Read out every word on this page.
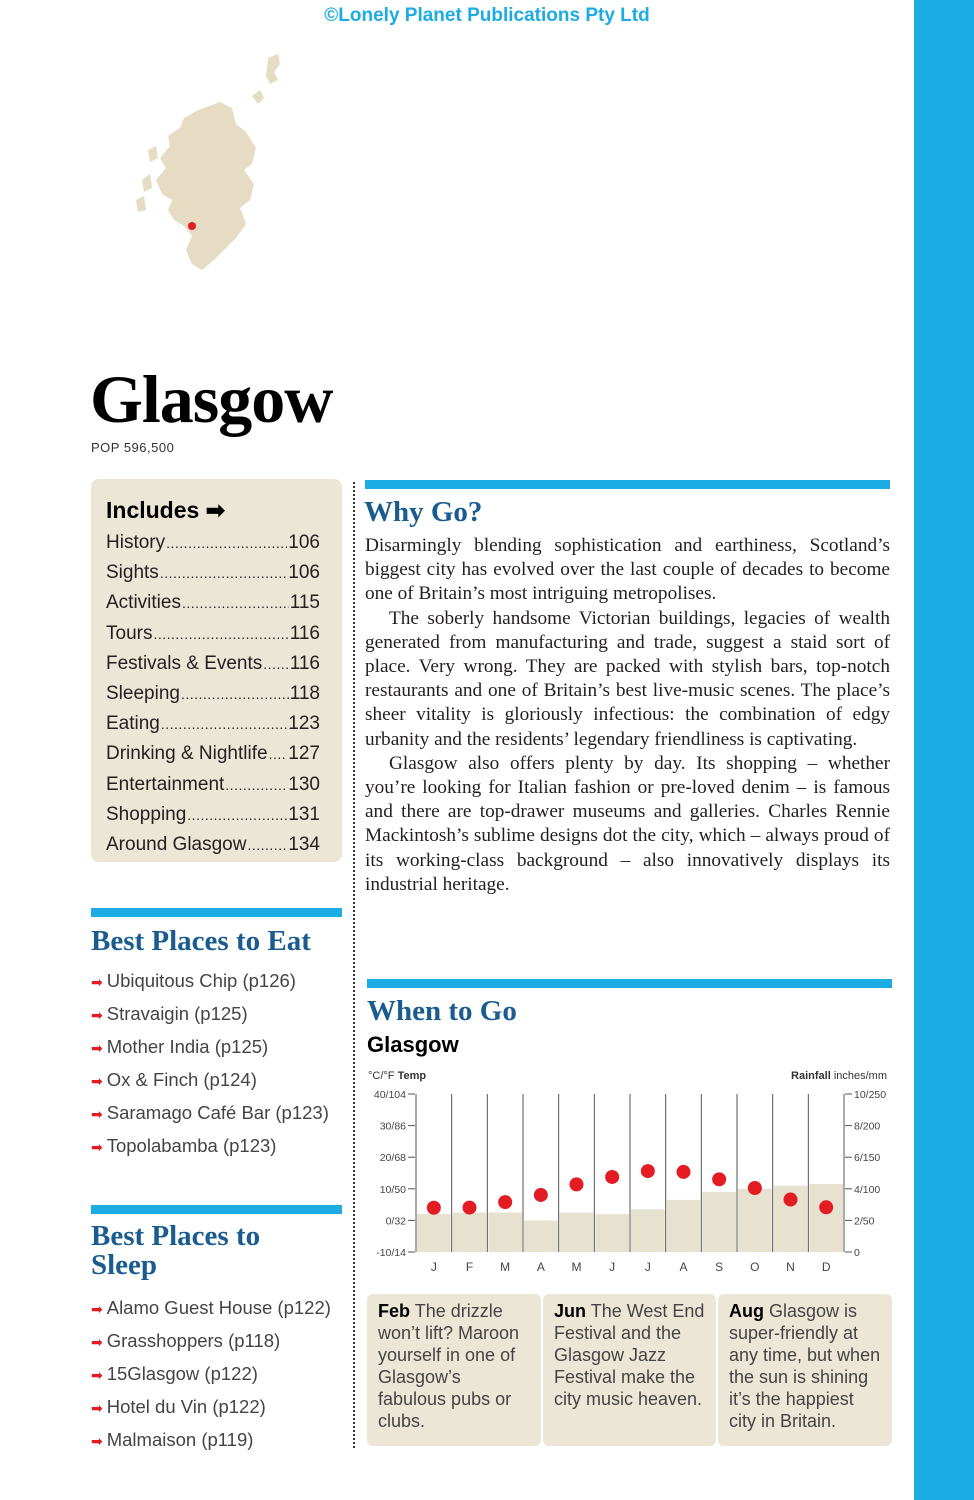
©Lonely Planet Publications Pty Ltd
Glasgow
POP 596,500
Includes ➡
History .....	106
Sights .....	106
Activities .....	115
Tours .....	116
Festivals & Events ..... 116
Sleeping .....	118
Eating .....	123
Drinking & Nightlife ..... 127
Entertainment .....	130
Shopping .....	131
Around Glasgow ..... 134
Why Go?

Disarmingly blending sophistication and earthiness, Scotland’s biggest city has evolved over the last couple of decades to become one of Britain’s most intriguing metropolises.

The soberly handsome Victorian buildings, legacies of wealth generated from manufacturing and trade, suggest a staid sort of place. Very wrong. They are packed with stylish bars, top-notch restaurants and one of Britain’s best live-music scenes. The place’s sheer vitality is gloriously infectious: the combination of edgy urbanity and the residents’ legendary friendliness is captivating.

Glasgow also offers plenty by day. Its shopping – whether you’re looking for Italian fashion or pre-loved denim – is famous and there are top-drawer museums and galleries. Charles Rennie Mackintosh’s sublime designs dot the city, which – always proud of its working-class background – also innovatively displays its industrial heritage.

Best Places to Eat
➡ Ubiquitous Chip (p126)
➡ Stravaigin (p125)
➡ Mother India (p125)
➡ Ox & Finch (p124)
➡ Saramago Café Bar (p123)
➡ Topolabamba (p123)
Best Places to
Sleep
➡ Alamo Guest House (p122)
➡ Grasshoppers (p118)
➡ 15Glasgow (p122)
➡ Hotel du Vin (p122)
➡ Malmaison (p119)
When to Go
Glasgow
°C/°F Temp	Rainfall inches/mm
40/104
30/86
20/68
10/50
0/32
-10/14
10/250
8/200
6/150
4/100
2/50
0
J F M A M J J A S O N D
Feb The drizzle won’t lift? Maroon yourself in one of Glasgow’s fabulous pubs or clubs.
Jun The West End Festival and the Glasgow Jazz Festival make the city music heaven.
Aug Glasgow is super-friendly at any time, but when the sun is shining it’s the happiest city in Britain.
